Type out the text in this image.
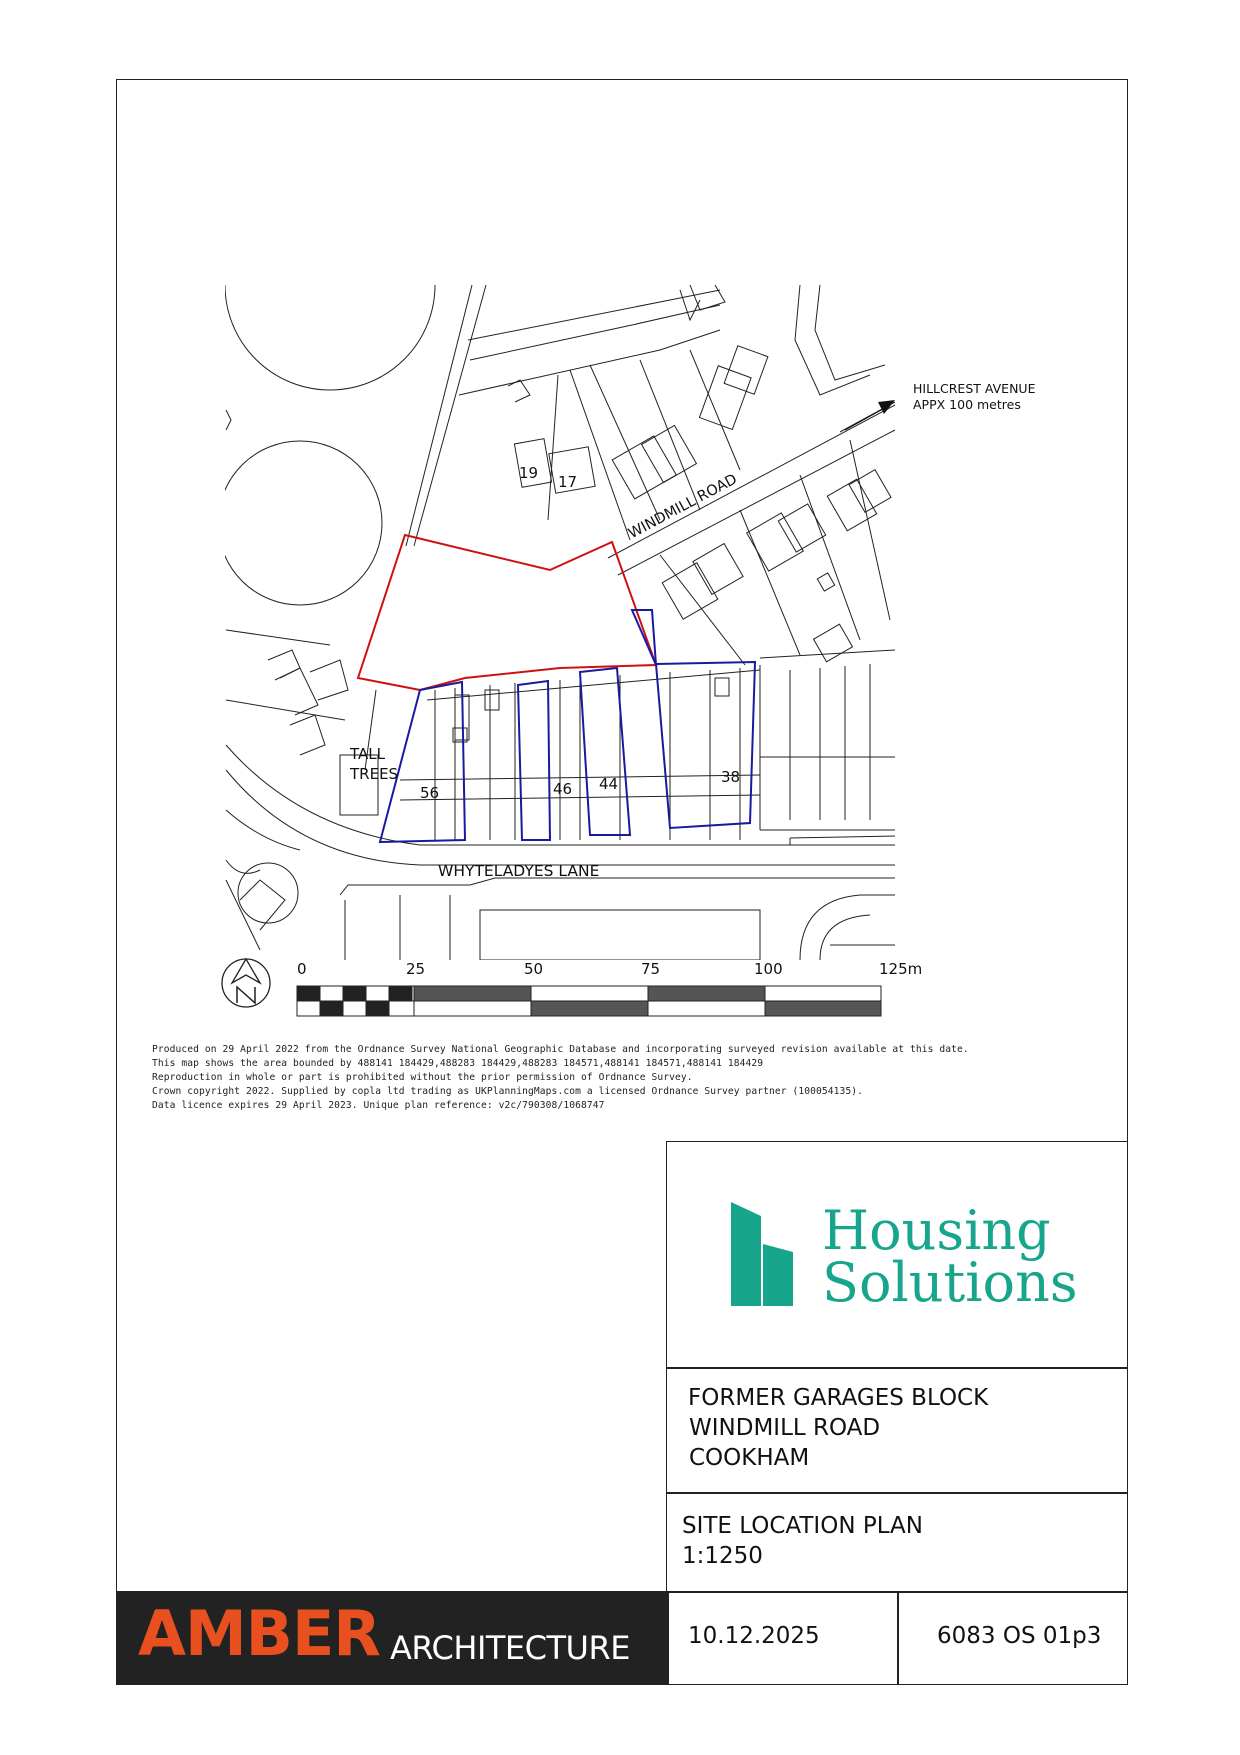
HILLCREST AVENUE
APPX 100 metres
WINDMILL ROAD
WHYTELADYES LANE
TALL
TREES
19 17
56	46 44	38
0	25	50	75	100	125m
Produced on 29 April 2022 from the Ordnance Survey National Geographic Database and incorporating surveyed revision available at this date.
This map shows the area bounded by 488141 184429,488283 184429,488283 184571,488141 184571,488141 184429
Reproduction in whole or part is prohibited without the prior permission of Ordnance Survey.
Crown copyright 2022. Supplied by copla ltd trading as UKPlanningMaps.com a licensed Ordnance Survey partner (100054135).
Data licence expires 29 April 2023. Unique plan reference: v2c/790308/1068747
Housing
Solutions
FORMER GARAGES BLOCK
WINDMILL ROAD
COOKHAM
SITE LOCATION PLAN
1:1250
10.12.2025	6083 OS 01p3
AMBER ARCHITECTURE
